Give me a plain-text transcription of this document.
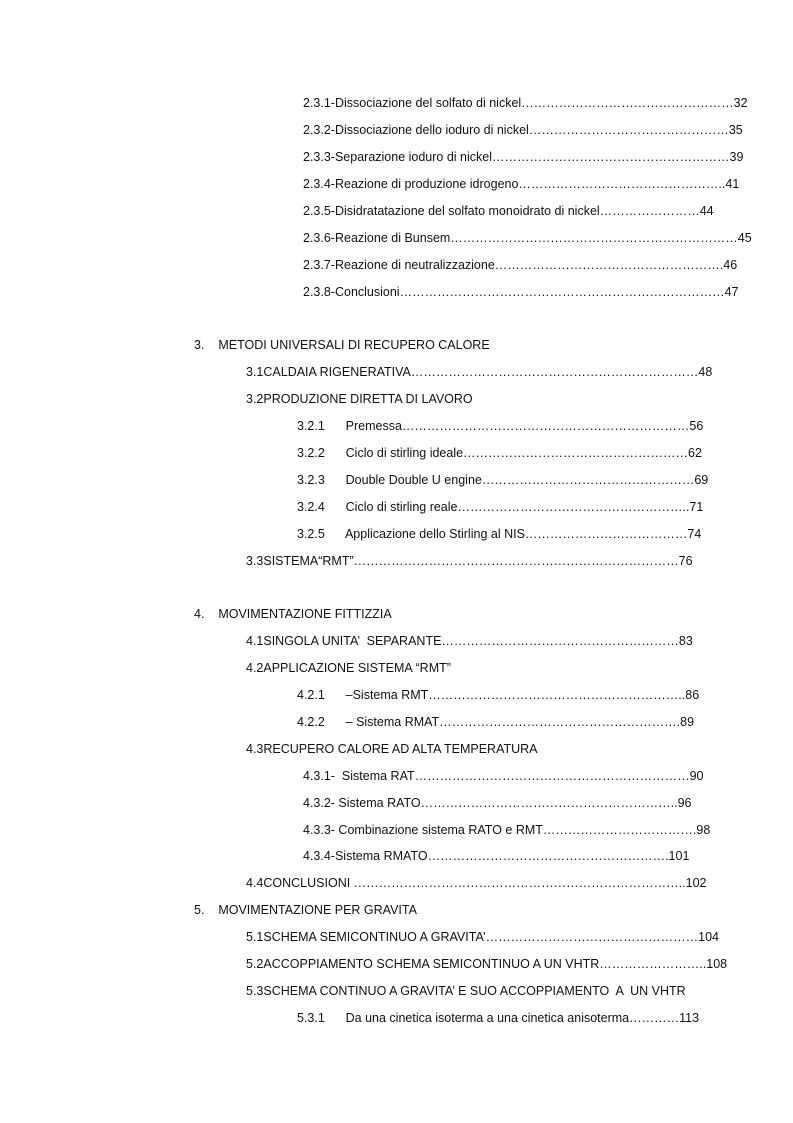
2.3.1-Dissociazione del solfato di nickel……………………………………………32
2.3.2-Dissociazione dello ioduro di nickel…………………………………………35
2.3.3-Separazione ioduro di nickel…………………………………………………39
2.3.4-Reazione di produzione idrogeno…………………………………………..41
2.3.5-Disidratatazione del solfato monoidrato di nickel……………………44
2.3.6-Reazione di Bunsem……………………………………………………………45
2.3.7-Reazione di neutralizzazione……………………………………………….46
2.3.8-Conclusioni……………………………………………………………………47
3.    METODI UNIVERSALI DI RECUPERO CALORE
3.1CALDAIA RIGENERATIVA……………………………………………………………48
3.2PRODUZIONE DIRETTA DI LAVORO
3.2.1      Premessa……………………………………………………………56
3.2.2      Ciclo di stirling ideale………………………………………………62
3.2.3      Double Double U engine……………………………………………69
3.2.4      Ciclo di stirling reale………………………………………………..71
3.2.5      Applicazione dello Stirling al NIS…………………………………74
3.3SISTEMA“RMT”……………………………………………………………………76
4.    MOVIMENTAZIONE FITTIZZIA
4.1SINGOLA UNITA’  SEPARANTE…………………………………………………83
4.2APPLICAZIONE SISTEMA “RMT”
4.2.1      –Sistema RMT……………………………………………………..86
4.2.2      – Sistema RMAT………………………………………………….89
4.3RECUPERO CALORE AD ALTA TEMPERATURA
4.3.1-  Sistema RAT…………………………………………………………90
4.3.2- Sistema RATO……………………………………………………..96
4.3.3- Combinazione sistema RATO e RMT……………………………….98
4.3.4-Sistema RMATO………………………………………………….101
4.4CONCLUSIONI ……………………………………………………………………..102
5.    MOVIMENTAZIONE PER GRAVITA
5.1SCHEMA SEMICONTINUO A GRAVITA’……………………………………………104
5.2ACCOPPIAMENTO SCHEMA SEMICONTINUO A UN VHTR……………………..108
5.3SCHEMA CONTINUO A GRAVITA’ E SUO ACCOPPIAMENTO  A  UN VHTR
5.3.1      Da una cinetica isoterma a una cinetica anisoterma…………113
